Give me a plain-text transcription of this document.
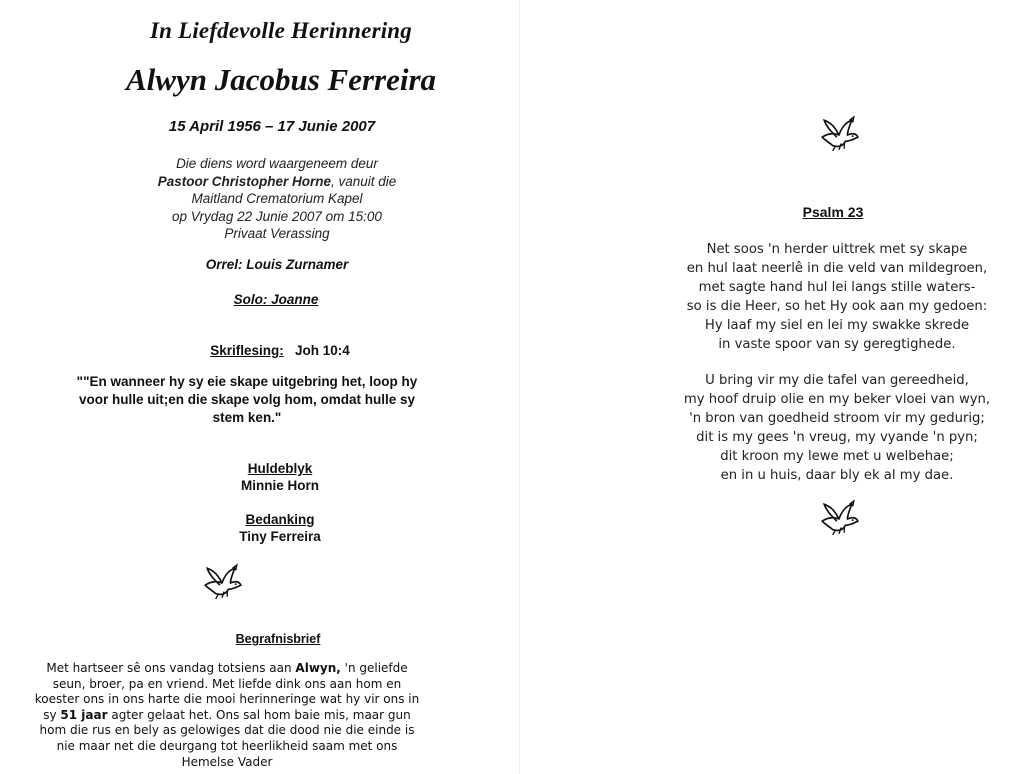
In Liefdevolle Herinnering
Alwyn Jacobus Ferreira
15 April 1956 – 17 Junie 2007
Die diens word waargeneem deur
Pastoor Christopher Horne, vanuit die
Maitland Crematorium Kapel
op Vrydag 22 Junie 2007 om 15:00
Privaat Verassing
Orrel: Louis Zurnamer
Solo: Joanne
Skriflesing: Joh 10:4
""En wanneer hy sy eie skape uitgebring het, loop hy voor hulle uit;en die skape volg hom, omdat hulle sy stem ken."
Huldeblyk
Minnie Horn
Bedanking
Tiny Ferreira
Begrafnisbrief
Met hartseer sê ons vandag totsiens aan Alwyn, 'n geliefde seun, broer, pa en vriend. Met liefde dink ons aan hom en koester ons in ons harte die mooi herinneringe wat hy vir ons in sy 51 jaar agter gelaat het. Ons sal hom baie mis, maar gun hom die rus en bely as gelowiges dat die dood nie die einde is nie maar net die deurgang tot heerlikheid saam met ons Hemelse Vader
Psalm 23
Net soos 'n herder uittrek met sy skape
en hul laat neerlê in die veld van mildegroen,
met sagte hand hul lei langs stille waters-
so is die Heer, so het Hy ook aan my gedoen:
Hy laaf my siel en lei my swakke skrede
in vaste spoor van sy geregtighede.
U bring vir my die tafel van gereedheid,
my hoof druip olie en my beker vloei van wyn,
'n bron van goedheid stroom vir my gedurig;
dit is my gees 'n vreug, my vyande 'n pyn;
dit kroon my lewe met u welbehae;
en in u huis, daar bly ek al my dae.
